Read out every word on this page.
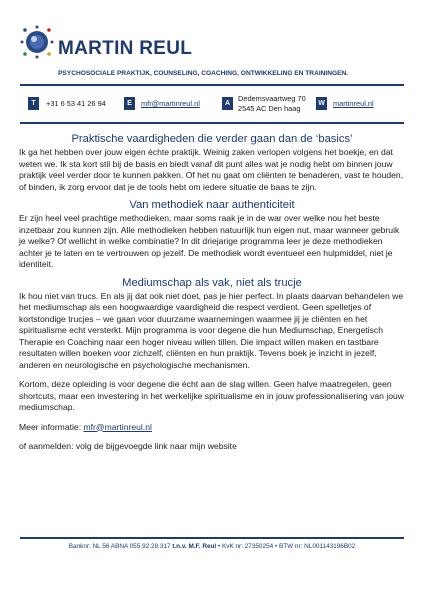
MARTIN REUL
PSYCHOSOCIALE PRAKTIJK, COUNSELING, COACHING, ONTWIKKELING EN TRAININGEN.
T	+31 6 53 41 26 94	E	mfr@martinreul.nl	A
Dedemsvaartweg 70
2545 AC Den haag
W martinreul.nl
Praktische vaardigheden die verder gaan dan de ‘basics’

Ik ga het hebben over jouw eigen échte praktijk. Weinig zaken verlopen volgens het boekje, en dat weten we. Ik sta kort stil bij de basis en biedt vanaf dit punt alles wat je nodig hebt om binnen jouw praktijk veel verder door te kunnen pakken. Of het nu gaat om cliënten te benaderen, vast te houden, of binden, ik zorg ervoor dat je de tools hebt om iedere situatie de baas te zijn.

Van methodiek naar authenticiteit

Er zijn heel veel prachtige methodieken, maar soms raak je in de war over welke nou het beste inzetbaar zou kunnen zijn. Alle methodieken hebben natuurlijk hun eigen nut, maar wanneer gebruik je welke? Of wellicht in welke combinatie? In dit driejarige programma leer je deze methodieken achter je te laten en te vertrouwen op jezelf. De methodiek wordt eventueel een hulpmiddel, niet je identiteit.

Mediumschap als vak, niet als trucje

Ik hou niet van trucs. En als jij dat ook niet doet, pas je hier perfect. In plaats daarvan behandelen we het mediumschap als een hoogwaardige vaardigheid die respect verdient. Geen spelletjes of kortstondige trucjes – we gaan voor duurzame waarnemingen waarmee jij je cliënten en het spiritualisme echt versterkt. Mijn programma is voor degene die hun Mediumschap, Energetisch Therapie en Coaching naar een hoger niveau willen tillen. Die impact willen maken en tastbare resultaten willen boeken voor zichzelf, cliënten en hun praktijk. Tevens boek je inzicht in jezelf, anderen en neurologische en psychologische mechanismen.

Kortom, deze opleiding is voor degene die écht aan de slag willen. Geen halve maatregelen, geen shortcuts, maar een investering in het werkelijke spiritualisme en in jouw professionalisering van jouw mediumschap.

Meer informatie: mfr@martinreul.nl

of aanmelden: volg de bijgevoegde link naar mijn website

Banknr: NL 56 ABNA 055.92.28.317 t.n.v. M.F. Reul • KvK nr: 27350254 • BTW nr: NL001143196B02
